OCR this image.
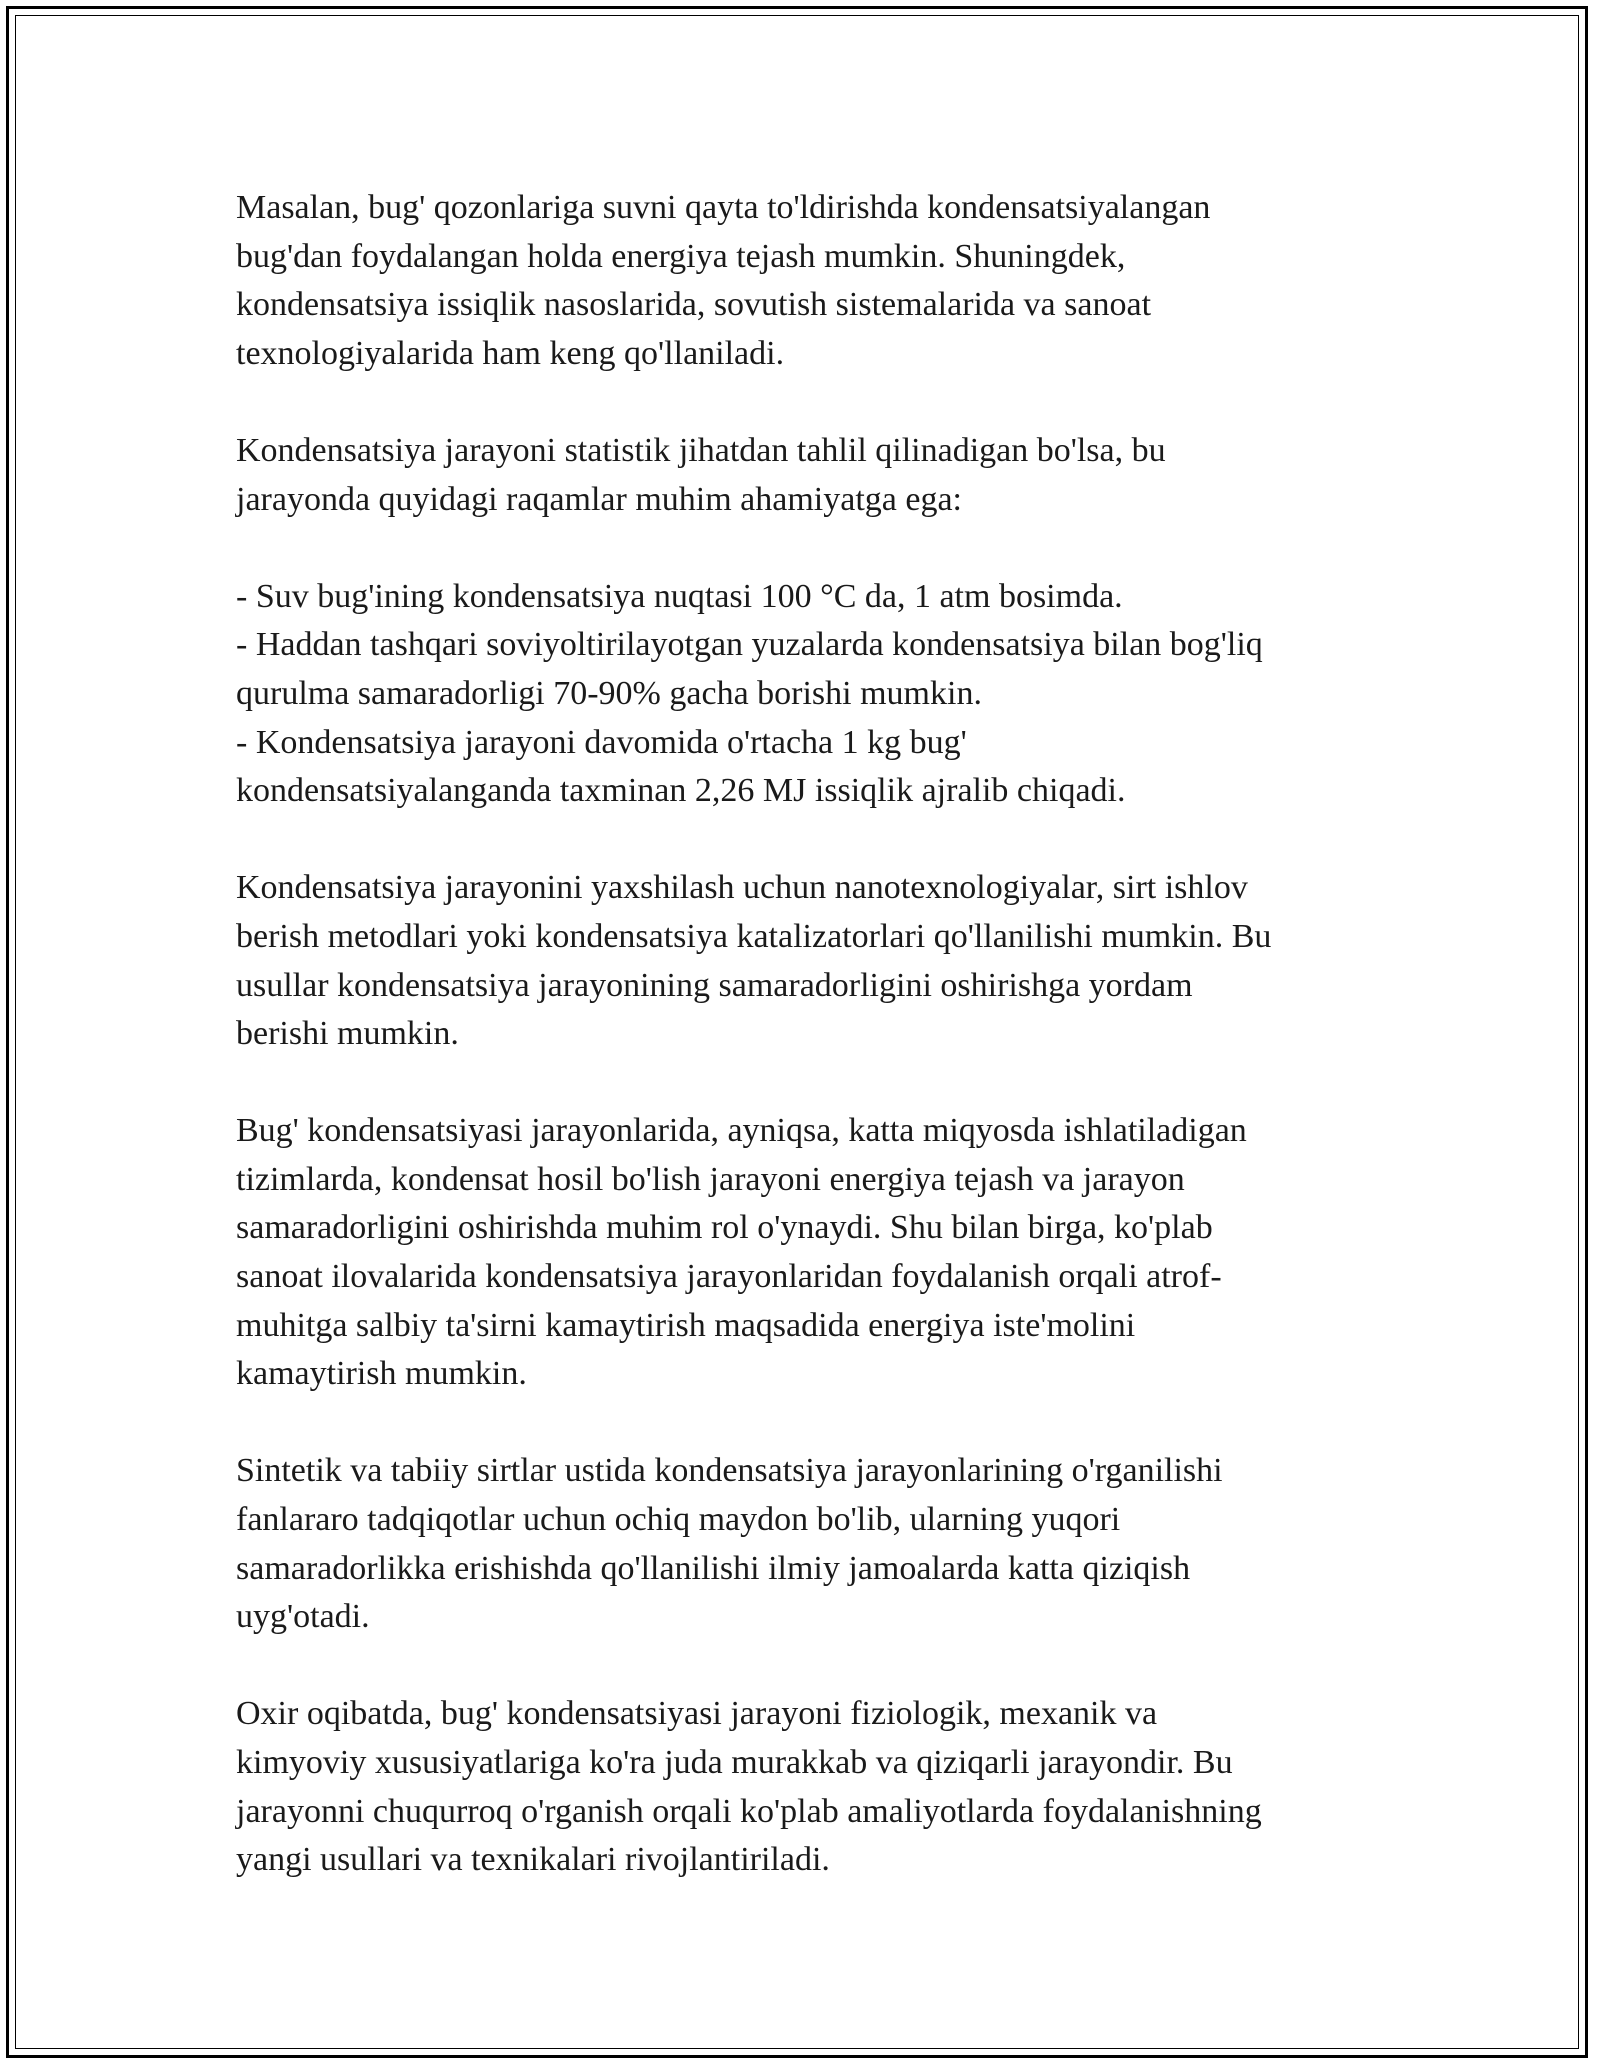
Masalan, bug' qozonlariga suvni qayta to'ldirishda kondensatsiyalangan
bug'dan foydalangan holda energiya tejash mumkin. Shuningdek,
kondensatsiya issiqlik nasoslarida, sovutish sistemalarida va sanoat
texnologiyalarida ham keng qo'llaniladi.

Kondensatsiya jarayoni statistik jihatdan tahlil qilinadigan bo'lsa, bu
jarayonda quyidagi raqamlar muhim ahamiyatga ega:

- Suv bug'ining kondensatsiya nuqtasi 100 °C da, 1 atm bosimda.
- Haddan tashqari soviyoltirilayotgan yuzalarda kondensatsiya bilan bog'liq
qurulma samaradorligi 70-90% gacha borishi mumkin.
- Kondensatsiya jarayoni davomida o'rtacha 1 kg bug'
kondensatsiyalanganda taxminan 2,26 MJ issiqlik ajralib chiqadi.

Kondensatsiya jarayonini yaxshilash uchun nanotexnologiyalar, sirt ishlov
berish metodlari yoki kondensatsiya katalizatorlari qo'llanilishi mumkin. Bu
usullar kondensatsiya jarayonining samaradorligini oshirishga yordam
berishi mumkin.

Bug' kondensatsiyasi jarayonlarida, ayniqsa, katta miqyosda ishlatiladigan
tizimlarda, kondensat hosil bo'lish jarayoni energiya tejash va jarayon
samaradorligini oshirishda muhim rol o'ynaydi. Shu bilan birga, ko'plab
sanoat ilovalarida kondensatsiya jarayonlaridan foydalanish orqali atrof-
muhitga salbiy ta'sirni kamaytirish maqsadida energiya iste'molini
kamaytirish mumkin.

Sintetik va tabiiy sirtlar ustida kondensatsiya jarayonlarining o'rganilishi
fanlararo tadqiqotlar uchun ochiq maydon bo'lib, ularning yuqori
samaradorlikka erishishda qo'llanilishi ilmiy jamoalarda katta qiziqish
uyg'otadi.

Oxir oqibatda, bug' kondensatsiyasi jarayoni fiziologik, mexanik va
kimyoviy xususiyatlariga ko'ra juda murakkab va qiziqarli jarayondir. Bu
jarayonni chuqurroq o'rganish orqali ko'plab amaliyotlarda foydalanishning
yangi usullari va texnikalari rivojlantiriladi.
